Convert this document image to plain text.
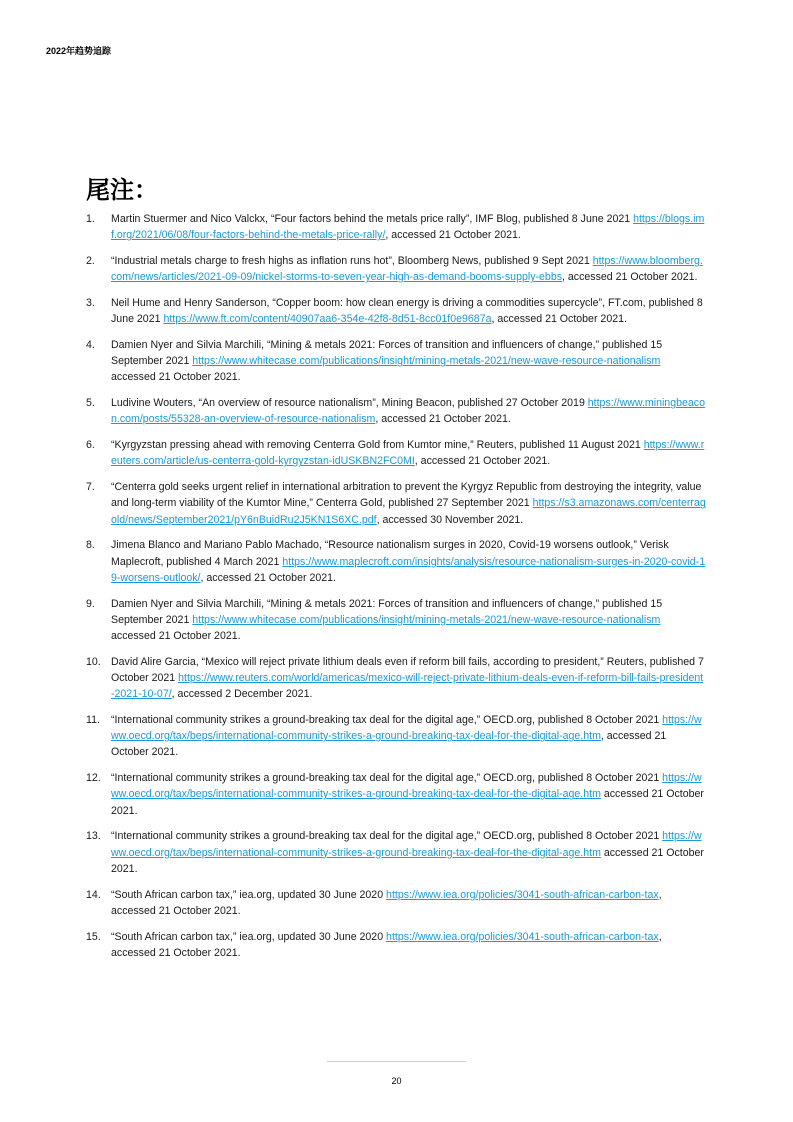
2022年趋势追踪
尾注：
1.	Martin Stuermer and Nico Valckx, “Four factors behind the metals price rally”, IMF Blog, published 8 June 2021 https://blogs.imf.org/2021/06/08/four-factors-behind-the-metals-price-rally/, accessed 21 October 2021.
2.	“Industrial metals charge to fresh highs as inflation runs hot”, Bloomberg News, published 9 Sept 2021 https://www.bloomberg.com/news/articles/2021-09-09/nickel-storms-to-seven-year-high-as-demand-booms-supply-ebbs, accessed 21 October 2021.
3.	Neil Hume and Henry Sanderson, “Copper boom: how clean energy is driving a commodities supercycle”, FT.com, published 8 June 2021 https://www.ft.com/content/40907aa6-354e-42f8-8d51-8cc01f0e9687a, accessed 21 October 2021.
4.	Damien Nyer and Silvia Marchili, “Mining & metals 2021: Forces of transition and influencers of change,” published 15 September 2021 https://www.whitecase.com/publications/insight/mining-metals-2021/new-wave-resource-nationalism accessed 21 October 2021.
5.	Ludivine Wouters, “An overview of resource nationalism”, Mining Beacon, published 27 October 2019 https://www.miningbeacon.com/posts/55328-an-overview-of-resource-nationalism, accessed 21 October 2021.
6.	“Kyrgyzstan pressing ahead with removing Centerra Gold from Kumtor mine,” Reuters, published 11 August 2021 https://www.reuters.com/article/us-centerra-gold-kyrgyzstan-idUSKBN2FC0MI, accessed 21 October 2021.
7.	“Centerra gold seeks urgent relief in international arbitration to prevent the Kyrgyz Republic from destroying the integrity, value and long-term viability of the Kumtor Mine,” Centerra Gold, published 27 September 2021 https://s3.amazonaws.com/centerragold/news/September2021/pY6nBuidRu2J5KN1S6XC.pdf, accessed 30 November 2021.
8.	Jimena Blanco and Mariano Pablo Machado, “Resource nationalism surges in 2020, Covid-19 worsens outlook,” Verisk Maplecroft, published 4 March 2021 https://www.maplecroft.com/insights/analysis/resource-nationalism-surges-in-2020-covid-19-worsens-outlook/, accessed 21 October 2021.
9.	Damien Nyer and Silvia Marchili, “Mining & metals 2021: Forces of transition and influencers of change,” published 15 September 2021 https://www.whitecase.com/publications/insight/mining-metals-2021/new-wave-resource-nationalism accessed 21 October 2021.
10. David Alire Garcia, “Mexico will reject private lithium deals even if reform bill fails, according to president,” Reuters, published 7 October 2021 https://www.reuters.com/world/americas/mexico-will-reject-private-lithium-deals-even-if-reform-bill-fails-president-2021-10-07/, accessed 2 December 2021.
11.	“International community strikes a ground-breaking tax deal for the digital age,” OECD.org, published 8 October 2021 https://www.oecd.org/tax/beps/international-community-strikes-a-ground-breaking-tax-deal-for-the-digital-age.htm, accessed 21 October 2021.
12. “International community strikes a ground-breaking tax deal for the digital age,” OECD.org, published 8 October 2021 https://www.oecd.org/tax/beps/international-community-strikes-a-ground-breaking-tax-deal-for-the-digital-age.htm accessed 21 October 2021.
13. “International community strikes a ground-breaking tax deal for the digital age,” OECD.org, published 8 October 2021 https://www.oecd.org/tax/beps/international-community-strikes-a-ground-breaking-tax-deal-for-the-digital-age.htm accessed 21 October 2021.
14. “South African carbon tax,” iea.org, updated 30 June 2020 https://www.iea.org/policies/3041-south-african-carbon-tax, accessed 21 October 2021.
15. “South African carbon tax,” iea.org, updated 30 June 2020 https://www.iea.org/policies/3041-south-african-carbon-tax, accessed 21 October 2021.
20
